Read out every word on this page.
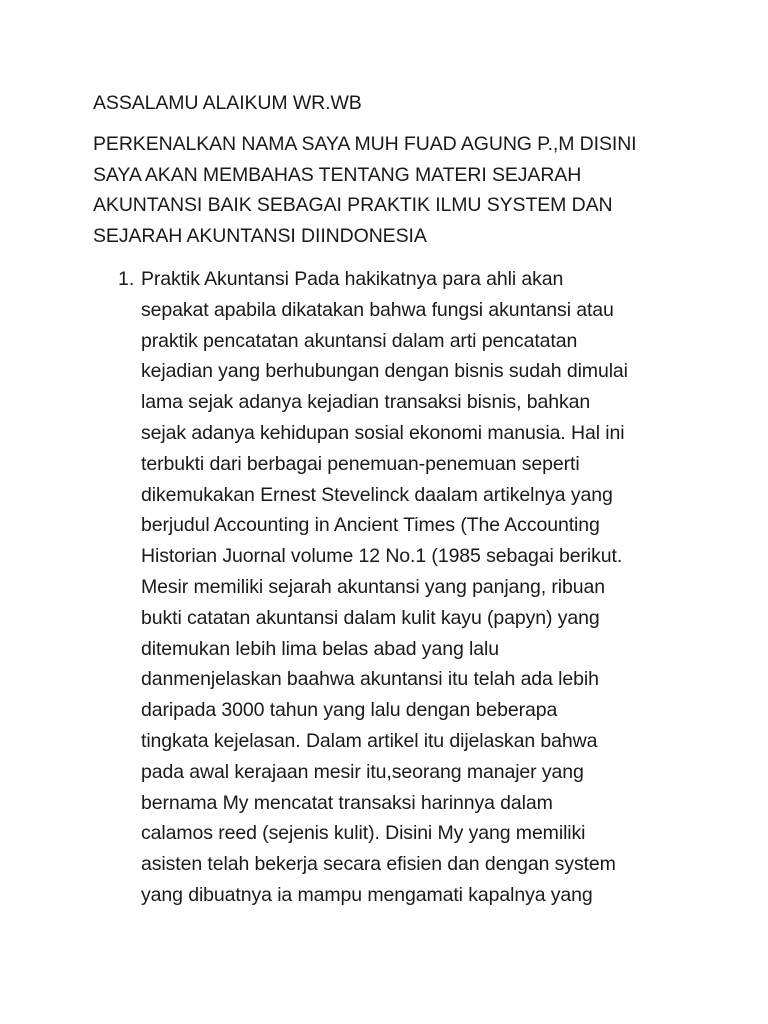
ASSALAMU ALAIKUM WR.WB
PERKENALKAN NAMA SAYA MUH FUAD AGUNG P.,M DISINI
SAYA AKAN MEMBAHAS TENTANG MATERI SEJARAH
AKUNTANSI BAIK SEBAGAI PRAKTIK ILMU SYSTEM DAN
SEJARAH AKUNTANSI DIINDONESIA
1. Praktik Akuntansi Pada hakikatnya para ahli akan
sepakat apabila dikatakan bahwa fungsi akuntansi atau
praktik pencatatan akuntansi dalam arti pencatatan
kejadian yang berhubungan dengan bisnis sudah dimulai
lama sejak adanya kejadian transaksi bisnis, bahkan
sejak adanya kehidupan sosial ekonomi manusia. Hal ini
terbukti dari berbagai penemuan-penemuan seperti
dikemukakan Ernest Stevelinck daalam artikelnya yang
berjudul Accounting in Ancient Times (The Accounting
Historian Juornal volume 12 No.1 (1985 sebagai berikut.
Mesir memiliki sejarah akuntansi yang panjang, ribuan
bukti catatan akuntansi dalam kulit kayu (papyn) yang
ditemukan lebih lima belas abad yang lalu
danmenjelaskan baahwa akuntansi itu telah ada lebih
daripada 3000 tahun yang lalu dengan beberapa
tingkata kejelasan. Dalam artikel itu dijelaskan bahwa
pada awal kerajaan mesir itu,seorang manajer yang
bernama My mencatat transaksi harinnya dalam
calamos reed (sejenis kulit). Disini My yang memiliki
asisten telah bekerja secara efisien dan dengan system
yang dibuatnya ia mampu mengamati kapalnya yang
